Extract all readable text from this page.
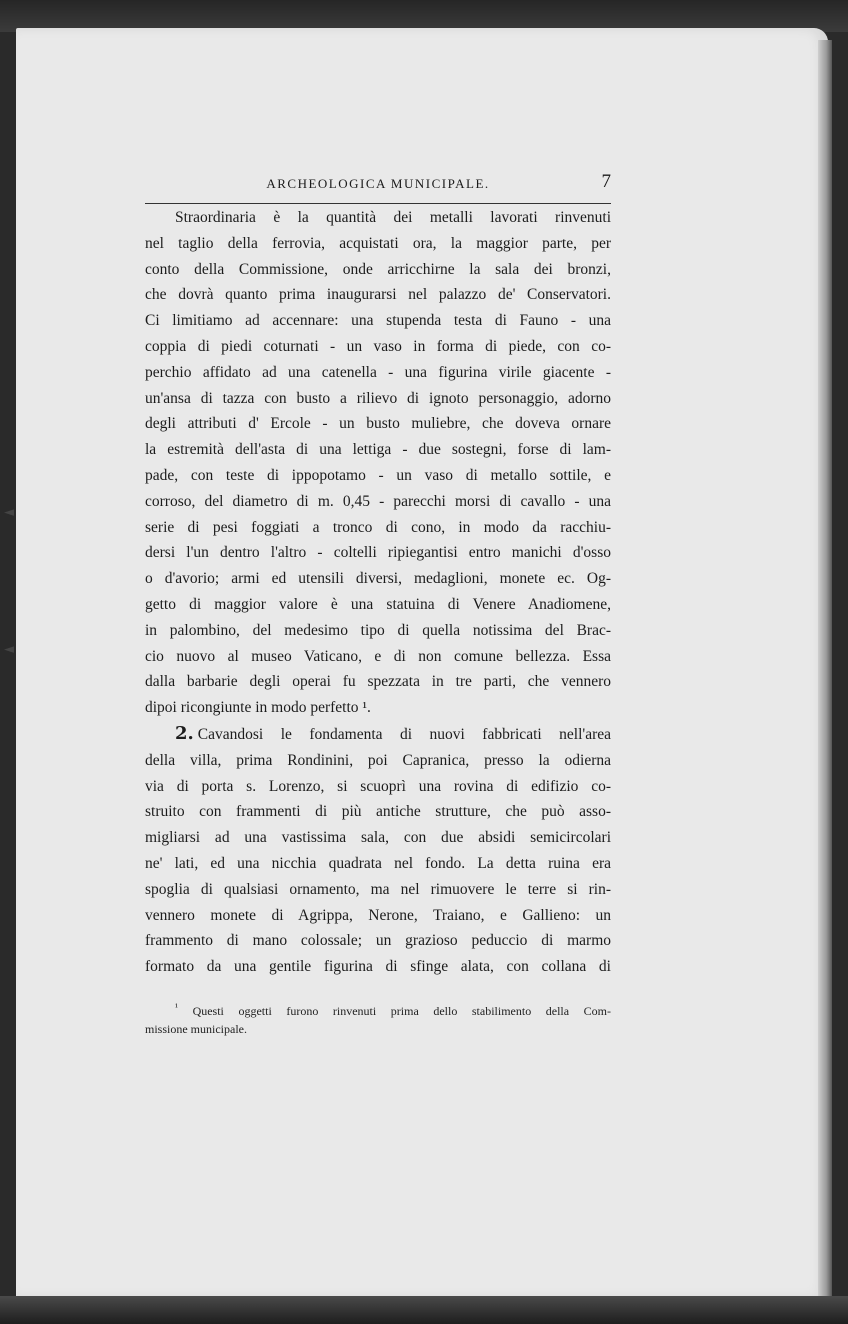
◄
◄
ARCHEOLOGICA MUNICIPALE.	7
Straordinaria è la quantità dei metalli lavorati rinvenuti
nel taglio della ferrovia, acquistati ora, la maggior parte, per
conto della Commissione, onde arricchirne la sala dei bronzi,
che dovrà quanto prima inaugurarsi nel palazzo de' Conservatori.
Ci limitiamo ad accennare: una stupenda testa di Fauno - una
coppia di piedi coturnati - un vaso in forma di piede, con co-
perchio affidato ad una catenella - una figurina virile giacente -
un'ansa di tazza con busto a rilievo di ignoto personaggio, adorno
degli attributi d' Ercole - un busto muliebre, che doveva ornare
la estremità dell'asta di una lettiga - due sostegni, forse di lam-
pade, con teste di ippopotamo - un vaso di metallo sottile, e
corroso, del diametro di m. 0,45 - parecchi morsi di cavallo - una
serie di pesi foggiati a tronco di cono, in modo da racchiu-
dersi l'un dentro l'altro - coltelli ripiegantisi entro manichi d'osso
o d'avorio; armi ed utensili diversi, medaglioni, monete ec. Og-
getto di maggior valore è una statuina di Venere Anadiomene,
in palombino, del medesimo tipo di quella notissima del Brac-
cio nuovo al museo Vaticano, e di non comune bellezza. Essa
dalla barbarie degli operai fu spezzata in tre parti, che vennero
dipoi ricongiunte in modo perfetto ¹.
2. Cavandosi le fondamenta di nuovi fabbricati nell'area
della villa, prima Rondinini, poi Capranica, presso la odierna
via di porta s. Lorenzo, si scuoprì una rovina di edifizio co-
struito con frammenti di più antiche strutture, che può asso-
migliarsi ad una vastissima sala, con due absidi semicircolari
ne' lati, ed una nicchia quadrata nel fondo. La detta ruina era
spoglia di qualsiasi ornamento, ma nel rimuovere le terre si rin-
vennero monete di Agrippa, Nerone, Traiano, e Gallieno: un
frammento di mano colossale; un grazioso peduccio di marmo
formato da una gentile figurina di sfinge alata, con collana di
$^{^1}$ Questi oggetti furono rinvenuti prima dello stabilimento della Com-
missione municipale.
